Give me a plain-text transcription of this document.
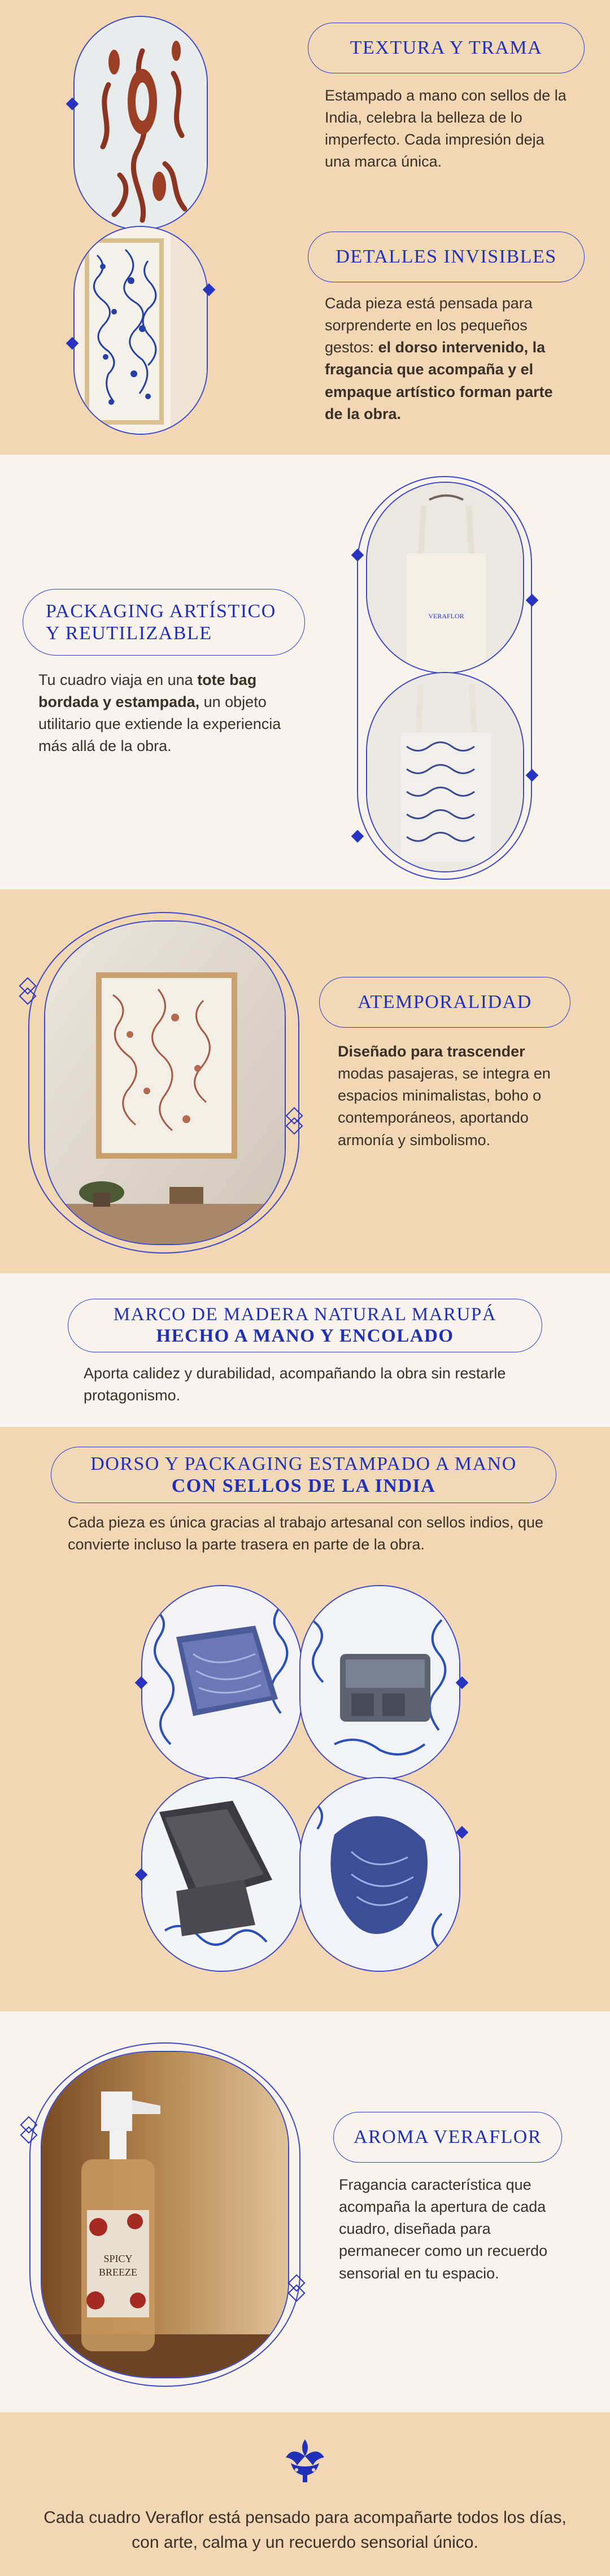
TEXTURA Y TRAMA
Estampado a mano con sellos de la India, celebra la belleza de lo imperfecto. Cada impresión deja una marca única.
DETALLES INVISIBLES
Cada pieza está pensada para sorprenderte en los pequeños gestos: el dorso intervenido, la fragancia que acompaña y el empaque artístico forman parte de la obra.
VERAFLOR
PACKAGING ARTÍSTICO
Y REUTILIZABLE
Tu cuadro viaja en una tote bag bordada y estampada, un objeto utilitario que extiende la experiencia más allá de la obra.
ATEMPORALIDAD
Diseñado para trascender modas pasajeras, se integra en espacios minimalistas, boho o contemporáneos, aportando armonía y simbolismo.
MARCO DE MADERA NATURAL MARUPÁ
HECHO A MANO Y ENCOLADO
Aporta calidez y durabilidad, acompañando la obra sin restarle protagonismo.
DORSO Y PACKAGING ESTAMPADO A MANO
CON SELLOS DE LA INDIA
Cada pieza es única gracias al trabajo artesanal con sellos indios, que convierte incluso la parte trasera en parte de la obra.
SPICY
BREEZE
AROMA VERAFLOR
Fragancia característica que acompaña la apertura de cada cuadro, diseñada para permanecer como un recuerdo sensorial en tu espacio.
Cada cuadro Veraflor está pensado para acompañarte todos los días, con arte, calma y un recuerdo sensorial único.
